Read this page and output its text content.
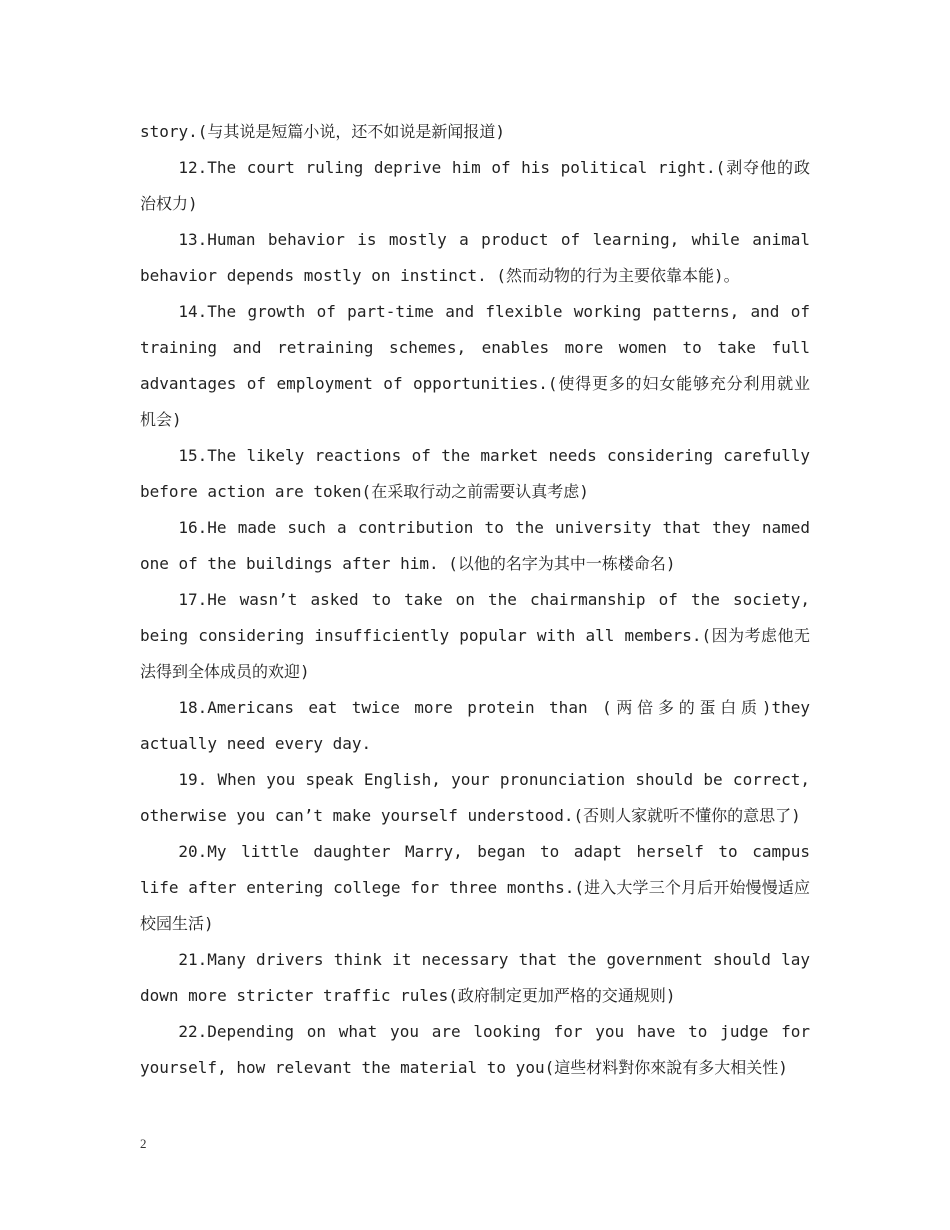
story.(与其说是短篇小说，还不如说是新闻报道)

12.The court ruling deprive him of his political right.(剥夺他的政治权力)

13.Human behavior is mostly a product of learning, while animal behavior depends mostly on instinct. (然而动物的行为主要依靠本能)。

14.The growth of part-time and flexible working patterns, and of training and retraining schemes, enables more women to take full advantages of employment of opportunities.(使得更多的妇女能够充分利用就业机会)

15.The likely reactions of the market needs considering carefully before action are token(在采取行动之前需要认真考虑)

16.He made such a contribution to the university that they named one of the buildings after him. (以他的名字为其中一栋楼命名)

17.He wasn’t asked to take on the chairmanship of the society, being considering insufficiently popular with all members.(因为考虑他无法得到全体成员的欢迎)

18.Americans eat twice more protein than (两倍多的蛋白质)they actually need every day.

19. When you speak English, your pronunciation should be correct, otherwise you can’t make yourself understood.(否则人家就听不懂你的意思了)

20.My little daughter Marry, began to adapt herself to campus life after entering college for three months.(进入大学三个月后开始慢慢适应校园生活)

21.Many drivers think it necessary that the government should lay down more stricter traffic rules(政府制定更加严格的交通规则)

22.Depending on what you are looking for you have to judge for yourself, how relevant the material to you(這些材料對你來說有多大相关性)

2
